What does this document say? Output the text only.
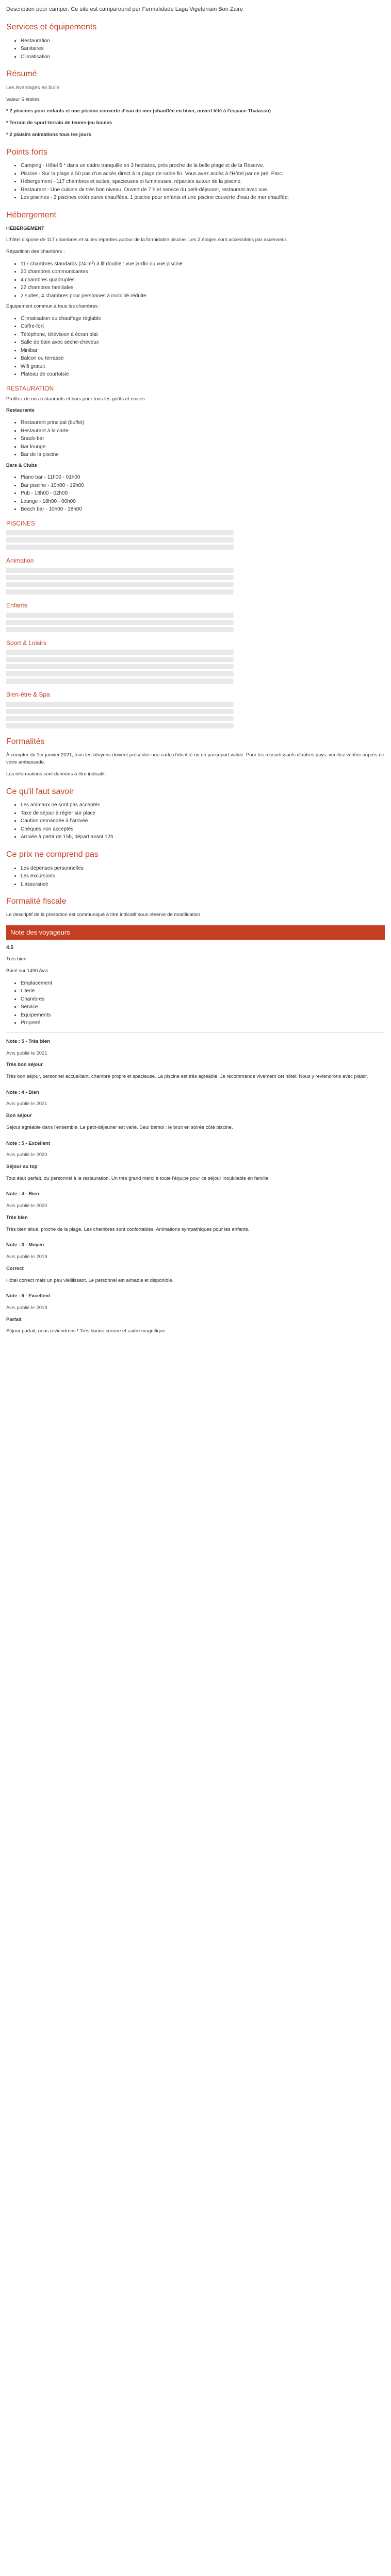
Description pour camper. Ce site est camparound per Fermalidade Laga Vigeterrain Bon Zaire
Services et équipements
• Restauration
• Sanitaires
• Climatisation
Résumé

Les Avantages en bulle

Valeur 5 étoiles

* 2 piscines pour enfants et une piscine couverte d'eau de mer (chauffée en hiver, ouvert lété à l'espace Thalasso)

* Terrain de sport-terrain de tennis-jeu boules

* 2 plaisirs animations tous les jours

Points forts
• Camping - Hôtel 5 * dans un cadre tranquille en 3 hectares, près proche de la belle plage et de la Réserve.
• Piscine - Sur la plage à 50 pas d'un accès direct à la plage de sable fin. Vous avez accès à l'Hôtel par ce pré. Parc.
• Hébergement - 117 chambres et suites, spacieuses et lumineuses, réparties autour de la piscine.
• Restaurant - Une cuisine de très bon niveau. Ouvert de 7 h et service du petit-déjeuner, restaurant avec vue.
• Les piscines - 2 piscines extérieures chauffées, 1 piscine pour enfants et une piscine couverte d'eau de mer chauffée.
Hébergement

HÉBERGEMENT

L'hôtel dispose de 117 chambres et suites réparties autour de la formidable piscine. Les 2 étages sont accessibles par ascenseur.

Répartition des chambres :

• 117 chambres standards (24 m²) à lit double : vue jardin ou vue piscine
• 20 chambres communicantes
• 4 chambres quadruples
• 22 chambres familiales
• 2 suites, 4 chambres pour personnes à mobilité réduite

Équipement commun à tous les chambres :

• Climatisation ou chauffage réglable
• Coffre-fort
• Téléphone, télévision à écran plat
• Salle de bain avec sèche-cheveux
• Minibar
• Balcon ou terrasse
• Wifi gratuit
• Plateau de courtoisie
RESTAURATION

Profitez de nos restaurants et bars pour tous les goûts et envies.

Restaurants

• Restaurant principal (buffet)
• Restaurant à la carte
• Snack-bar
• Bar lounge
• Bar de la piscine

Bars & Clubs

• Piano bar - 11h00 - 01h00
• Bar piscine - 10h00 - 19h00
• Pub - 18h00 - 02h00
• Lounge - 18h00 - 00h00
• Beach bar - 10h00 - 18h00
PISCINES
Animation
Enfants
Sport & Loisirs
Bien-être & Spa
Formalités

À compter du 1er janvier 2021, tous les citoyens doivent présenter une carte d'identité ou un passeport valide. Pour les ressortissants d'autres pays, veuillez vérifier auprès de votre ambassade.

Les informations sont données à titre indicatif.

Ce qu'il faut savoir
• Les animaux ne sont pas acceptés
• Taxe de séjour à régler sur place
• Caution demandée à l'arrivée
• Chèques non acceptés
• Arrivée à partir de 15h, départ avant 12h
Ce prix ne comprend pas
• Les dépenses personnelles
• Les excursions
• L'assurance
Formalité fiscale

Le descriptif de la prestation est communiqué à titre indicatif sous réserve de modification.

Note des voyageurs

4.5

Très bien

Basé sur 1490 Avis

• Emplacement
• Literie
• Chambres
• Service
• Équipements
• Propreté

Note : 5 - Très bien

Avis publié le 2021

Très bon séjour

Très bon séjour, personnel accueillant, chambre propre et spacieuse. La piscine est très agréable. Je recommande vivement cet hôtel. Nous y reviendrons avec plaisir.

Note : 4 - Bien

Avis publié le 2021

Bon séjour

Séjour agréable dans l'ensemble. Le petit-déjeuner est varié. Seul bémol : le bruit en soirée côté piscine.

Note : 5 - Excellent

Avis publié le 2020

Séjour au top

Tout était parfait, du personnel à la restauration. Un très grand merci à toute l'équipe pour ce séjour inoubliable en famille.

Note : 4 - Bien

Avis publié le 2020

Très bien

Très bien situé, proche de la plage. Les chambres sont confortables. Animations sympathiques pour les enfants.

Note : 3 - Moyen

Avis publié le 2019

Correct

Hôtel correct mais un peu vieillissant. Le personnel est aimable et disponible.

Note : 5 - Excellent

Avis publié le 2019

Parfait

Séjour parfait, nous reviendrons ! Très bonne cuisine et cadre magnifique.
